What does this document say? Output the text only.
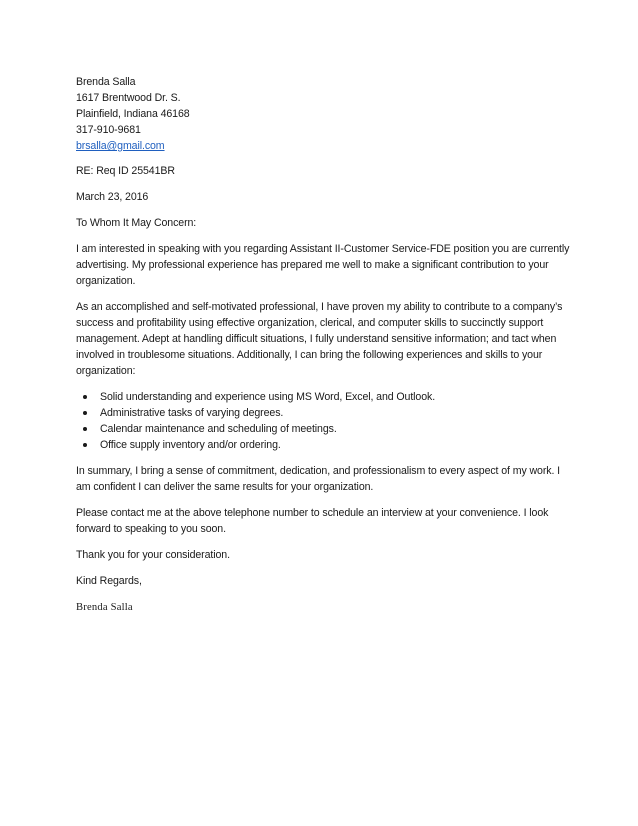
Brenda Salla

1617 Brentwood Dr. S.

Plainfield, Indiana 46168

317-910-9681

brsalla@gmail.com

RE: Req ID 25541BR

March 23, 2016

To Whom It May Concern:

I am interested in speaking with you regarding Assistant II-Customer Service-FDE position you are currently advertising. My professional experience has prepared me well to make a significant contribution to your organization.

As an accomplished and self-motivated professional, I have proven my ability to contribute to a company’s success and profitability using effective organization, clerical, and computer skills to succinctly support management. Adept at handling difficult situations, I fully understand sensitive information; and tact when involved in troublesome situations. Additionally, I can bring the following experiences and skills to your organization:

Solid understanding and experience using MS Word, Excel, and Outlook.
Administrative tasks of varying degrees.
Calendar maintenance and scheduling of meetings.
Office supply inventory and/or ordering.

In summary, I bring a sense of commitment, dedication, and professionalism to every aspect of my work. I am confident I can deliver the same results for your organization.

Please contact me at the above telephone number to schedule an interview at your convenience. I look forward to speaking to you soon.

Thank you for your consideration.

Kind Regards,

Brenda Salla
